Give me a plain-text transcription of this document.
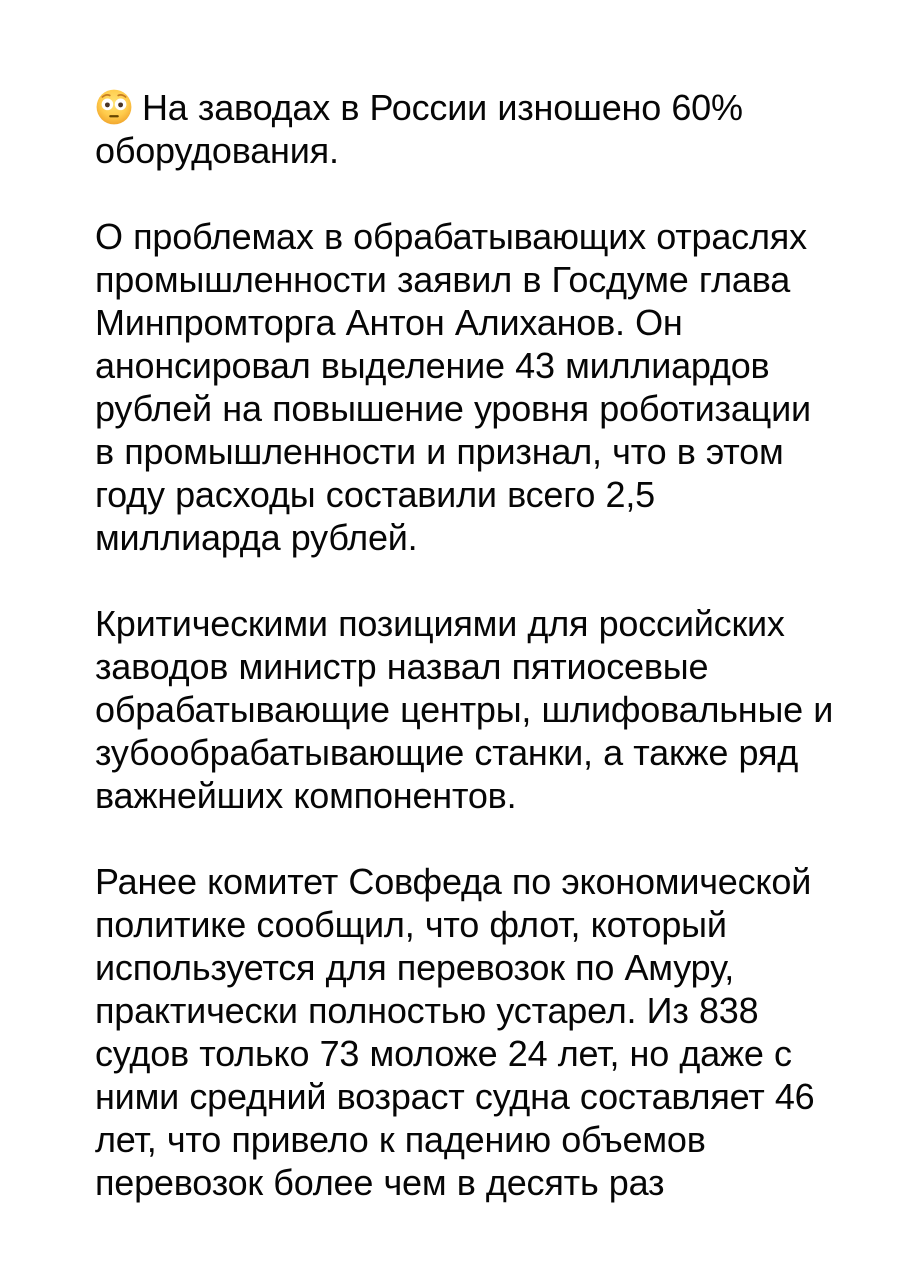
На заводах в России изношено 60% оборудования.

О проблемах в обрабатывающих отраслях промышленности заявил в Госдуме глава Минпромторга Антон Алиханов. Он анонсировал выделение 43 миллиардов рублей на повышение уровня роботизации в промышленности и признал, что в этом году расходы составили всего 2,5 миллиарда рублей.

Критическими позициями для российских заводов министр назвал пятиосевые обрабатывающие центры, шлифовальные и зубообрабатывающие станки, а также ряд важнейших компонентов.

Ранее комитет Совфеда по экономической политике сообщил, что флот, который используется для перевозок по Амуру, практически полностью устарел. Из 838 судов только 73 моложе 24 лет, но даже с ними средний возраст судна составляет 46 лет, что привело к падению объемов перевозок более чем в десять раз
